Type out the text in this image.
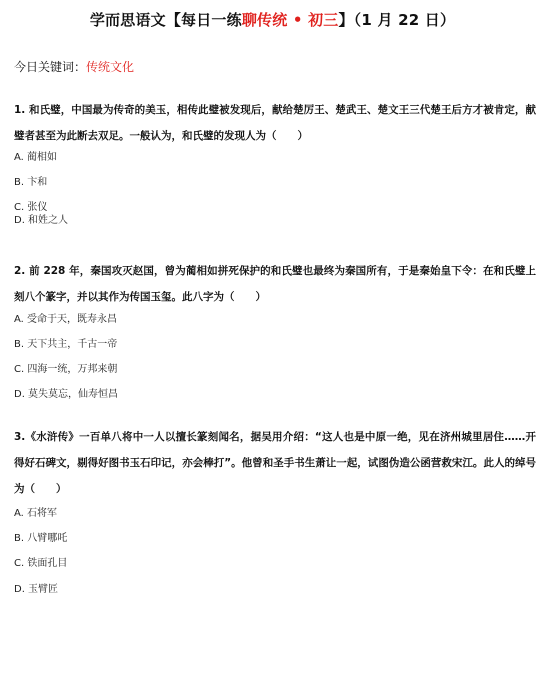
学而思语文【每日一练聊传统 • 初三】（1 月 22 日）
今日关键词：传统文化
1. 和氏璧，中国最为传奇的美玉，相传此璧被发现后，献给楚厉王、楚武王、楚文王三代楚王后方才被肯定，献璧者甚至为此断去双足。一般认为，和氏璧的发现人为（　　）
A. 蔺相如
B. 卞和
C. 张仪
D. 和姓之人
2. 前 228 年，秦国攻灭赵国，曾为蔺相如拼死保护的和氏璧也最终为秦国所有，于是秦始皇下令：在和氏璧上刻八个篆字，并以其作为传国玉玺。此八字为（　　）
A. 受命于天，既寿永昌
B. 天下共主，千古一帝
C. 四海一统，万邦来朝
D. 莫失莫忘，仙寿恒昌
3.《水浒传》一百单八将中一人以擅长篆刻闻名，据吴用介绍：“这人也是中原一绝，见在济州城里居住……开得好石碑文，剔得好图书玉石印记，亦会棒打”。他曾和圣手书生萧让一起，试图伪造公函营救宋江。此人的绰号为（　　）
A. 石将军
B. 八臂哪吒
C. 铁面孔目
D. 玉臂匠
